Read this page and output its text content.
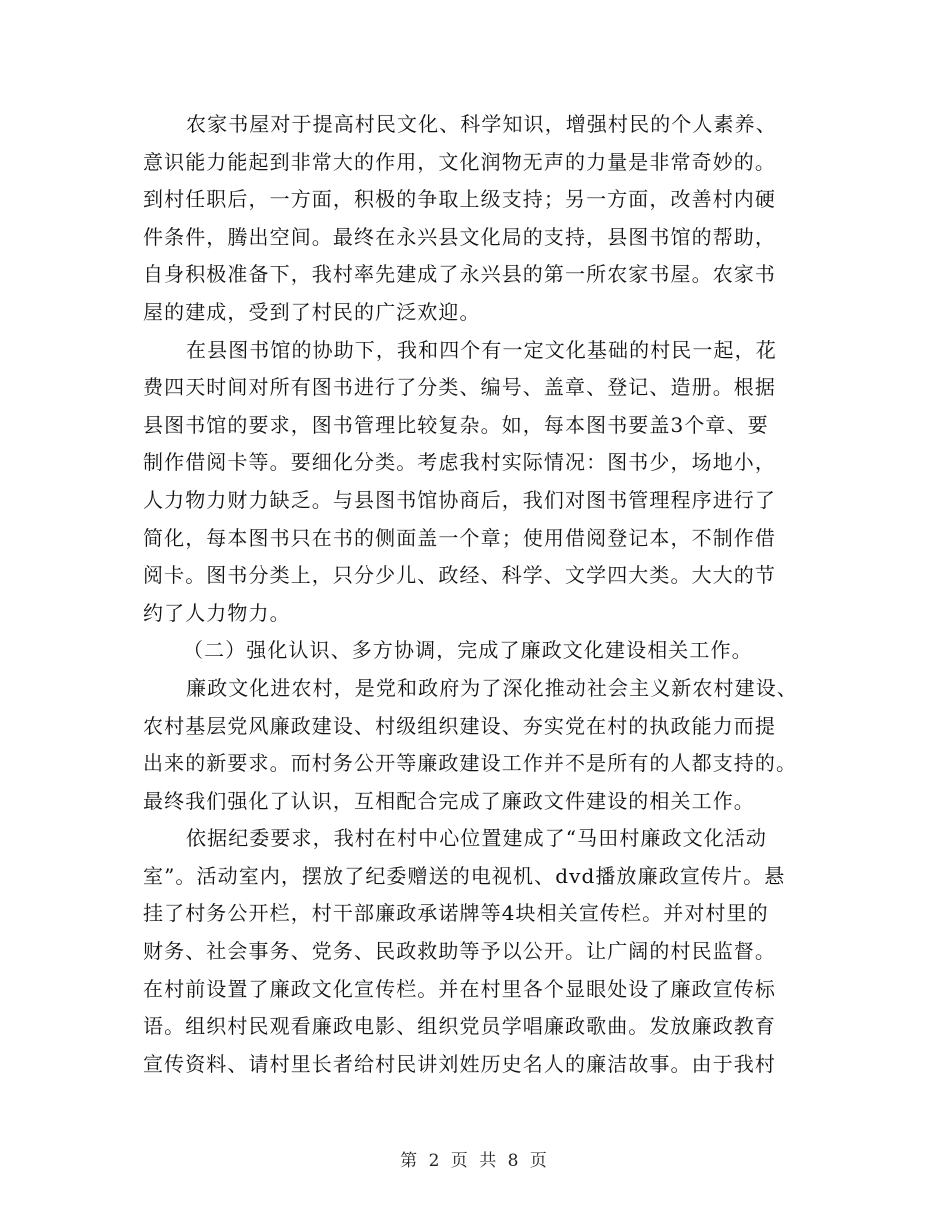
农家书屋对于提高村民文化、科学知识，增强村民的个人素养、
意识能力能起到非常大的作用，文化润物无声的力量是非常奇妙的。
到村任职后，一方面，积极的争取上级支持；另一方面，改善村内硬
件条件，腾出空间。最终在永兴县文化局的支持，县图书馆的帮助，
自身积极准备下，我村率先建成了永兴县的第一所农家书屋。农家书
屋的建成，受到了村民的广泛欢迎。
在县图书馆的协助下，我和四个有一定文化基础的村民一起，花
费四天时间对所有图书进行了分类、编号、盖章、登记、造册。根据
县图书馆的要求，图书管理比较复杂。如，每本图书要盖3个章、要
制作借阅卡等。要细化分类。考虑我村实际情况：图书少，场地小，
人力物力财力缺乏。与县图书馆协商后，我们对图书管理程序进行了
简化，每本图书只在书的侧面盖一个章；使用借阅登记本，不制作借
阅卡。图书分类上，只分少儿、政经、科学、文学四大类。大大的节
约了人力物力。
（二）强化认识、多方协调，完成了廉政文化建设相关工作。
廉政文化进农村，是党和政府为了深化推动社会主义新农村建设、
农村基层党风廉政建设、村级组织建设、夯实党在村的执政能力而提
出来的新要求。而村务公开等廉政建设工作并不是所有的人都支持的。
最终我们强化了认识，互相配合完成了廉政文件建设的相关工作。
依据纪委要求，我村在村中心位置建成了“马田村廉政文化活动
室”。活动室内，摆放了纪委赠送的电视机、dvd播放廉政宣传片。悬
挂了村务公开栏，村干部廉政承诺牌等4块相关宣传栏。并对村里的
财务、社会事务、党务、民政救助等予以公开。让广阔的村民监督。
在村前设置了廉政文化宣传栏。并在村里各个显眼处设了廉政宣传标
语。组织村民观看廉政电影、组织党员学唱廉政歌曲。发放廉政教育
宣传资料、请村里长者给村民讲刘姓历史名人的廉洁故事。由于我村
第 2 页 共 8 页
